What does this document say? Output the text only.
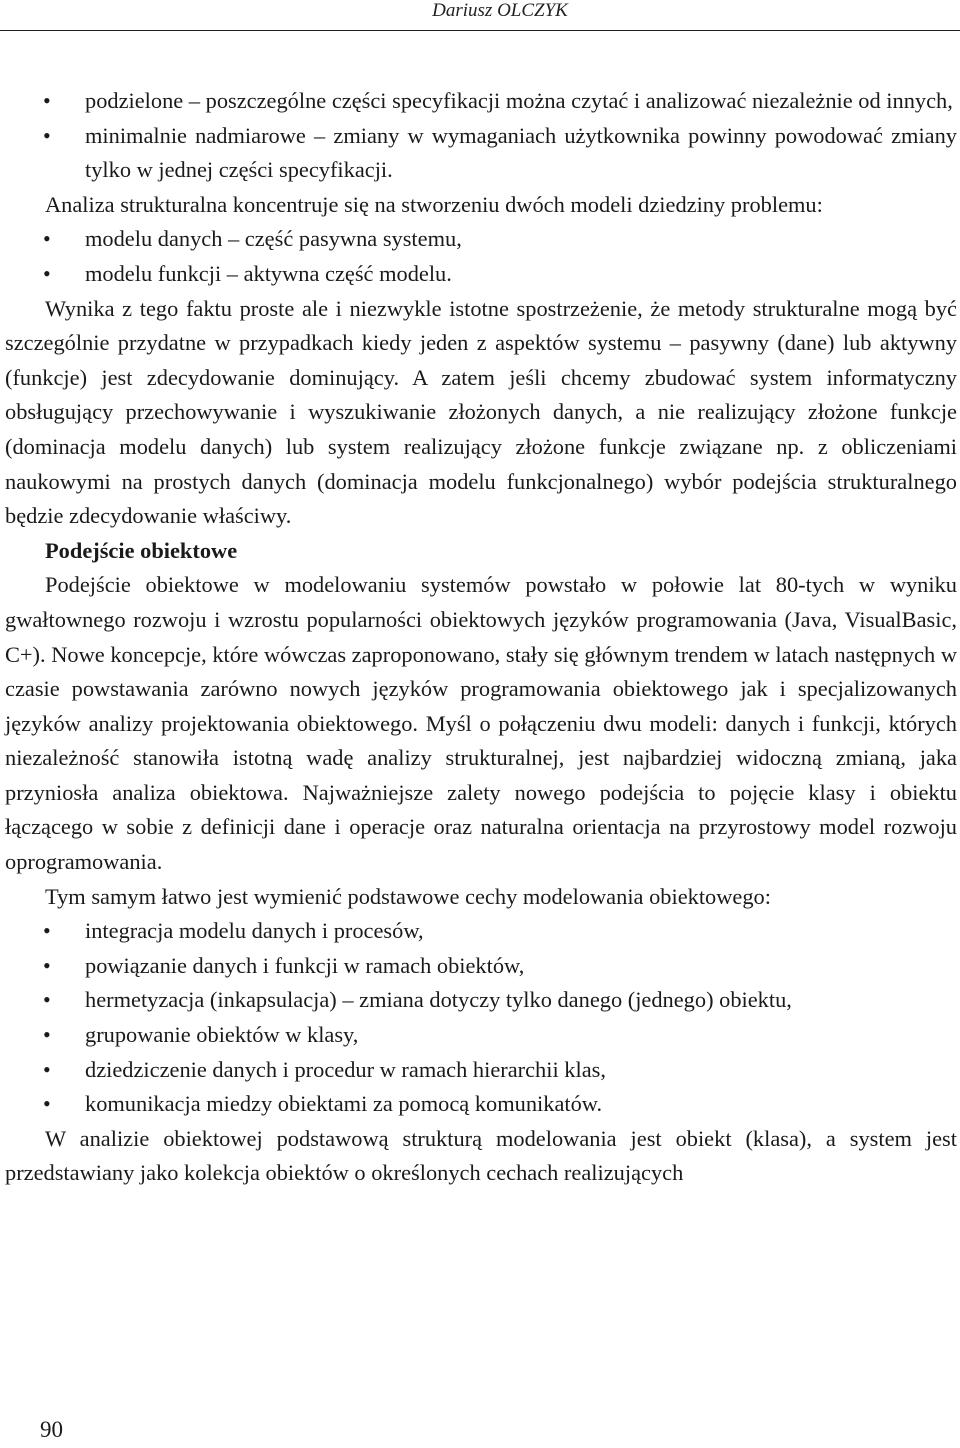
Dariusz OLCZYK
• podzielone – poszczególne części specyfikacji można czytać i analizować niezależnie od innych,
• minimalnie nadmiarowe – zmiany w wymaganiach użytkownika powinny powodować zmiany tylko w jednej części specyfikacji.

Analiza strukturalna koncentruje się na stworzeniu dwóch modeli dziedziny problemu:

• modelu danych – część pasywna systemu,
• modelu funkcji – aktywna część modelu.

Wynika z tego faktu proste ale i niezwykle istotne spostrzeżenie, że metody strukturalne mogą być szczególnie przydatne w przypadkach kiedy jeden z aspektów systemu – pasywny (dane) lub aktywny (funkcje) jest zdecydowanie dominujący. A zatem jeśli chcemy zbudować system informatyczny obsługujący przechowywanie i wyszukiwanie złożonych danych, a nie realizujący złożone funkcje (dominacja modelu danych) lub system realizujący złożone funkcje związane np. z obliczeniami naukowymi na prostych danych (dominacja modelu funkcjonalnego) wybór podejścia strukturalnego będzie zdecydowanie właściwy.

Podejście obiektowe

Podejście obiektowe w modelowaniu systemów powstało w połowie lat 80-tych w wyniku gwałtownego rozwoju i wzrostu popularności obiektowych języków programowania (Java, VisualBasic, C+). Nowe koncepcje, które wówczas zaproponowano, stały się głównym trendem w latach następnych w czasie powstawania zarówno nowych języków programowania obiektowego jak i specjalizowanych języków analizy projektowania obiektowego. Myśl o połączeniu dwu modeli: danych i funkcji, których niezależność stanowiła istotną wadę analizy strukturalnej, jest najbardziej widoczną zmianą, jaka przyniosła analiza obiektowa. Najważniejsze zalety nowego podejścia to pojęcie klasy i obiektu łączącego w sobie z definicji dane i operacje oraz naturalna orientacja na przyrostowy model rozwoju oprogramowania.

Tym samym łatwo jest wymienić podstawowe cechy modelowania obiektowego:

• integracja modelu danych i procesów,
• powiązanie danych i funkcji w ramach obiektów,
• hermetyzacja (inkapsulacja) – zmiana dotyczy tylko danego (jednego) obiektu,
• grupowanie obiektów w klasy,
• dziedziczenie danych i procedur w ramach hierarchii klas,
• komunikacja miedzy obiektami za pomocą komunikatów.

W analizie obiektowej podstawową strukturą modelowania jest obiekt (klasa), a system jest przedstawiany jako kolekcja obiektów o określonych cechach realizujących

90
